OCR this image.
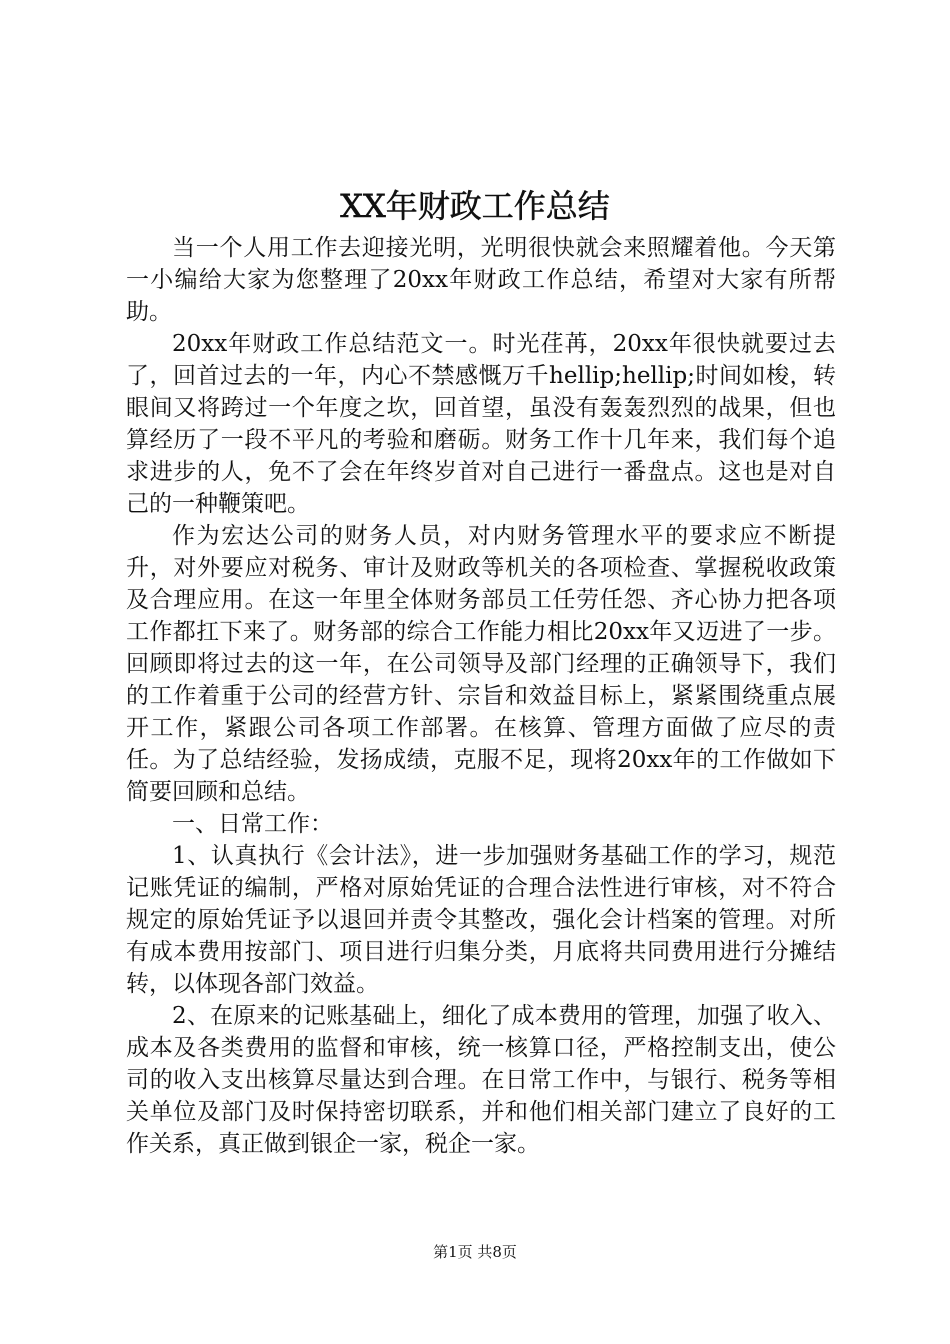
XX年财政工作总结

当一个人用工作去迎接光明，光明很快就会来照耀着他。今天第一小编给大家为您整理了20xx年财政工作总结，希望对大家有所帮助。

20xx年财政工作总结范文一。时光荏苒，20xx年很快就要过去了，回首过去的一年，内心不禁感慨万千hellip;hellip;时间如梭，转眼间又将跨过一个年度之坎，回首望，虽没有轰轰烈烈的战果，但也算经历了一段不平凡的考验和磨砺。财务工作十几年来，我们每个追求进步的人，免不了会在年终岁首对自己进行一番盘点。这也是对自己的一种鞭策吧。

作为宏达公司的财务人员，对内财务管理水平的要求应不断提升，对外要应对税务、审计及财政等机关的各项检查、掌握税收政策及合理应用。在这一年里全体财务部员工任劳任怨、齐心协力把各项工作都扛下来了。财务部的综合工作能力相比20xx年又迈进了一步。回顾即将过去的这一年，在公司领导及部门经理的正确领导下，我们的工作着重于公司的经营方针、宗旨和效益目标上，紧紧围绕重点展开工作，紧跟公司各项工作部署。在核算、管理方面做了应尽的责任。为了总结经验，发扬成绩，克服不足，现将20xx年的工作做如下简要回顾和总结。

一、日常工作：

1、认真执行《会计法》，进一步加强财务基础工作的学习，规范记账凭证的编制，严格对原始凭证的合理合法性进行审核，对不符合规定的原始凭证予以退回并责令其整改，强化会计档案的管理。对所有成本费用按部门、项目进行归集分类，月底将共同费用进行分摊结转，以体现各部门效益。

2、在原来的记账基础上，细化了成本费用的管理，加强了收入、成本及各类费用的监督和审核，统一核算口径，严格控制支出，使公司的收入支出核算尽量达到合理。在日常工作中，与银行、税务等相关单位及部门及时保持密切联系，并和他们相关部门建立了良好的工作关系，真正做到银企一家，税企一家。

第1页 共8页
